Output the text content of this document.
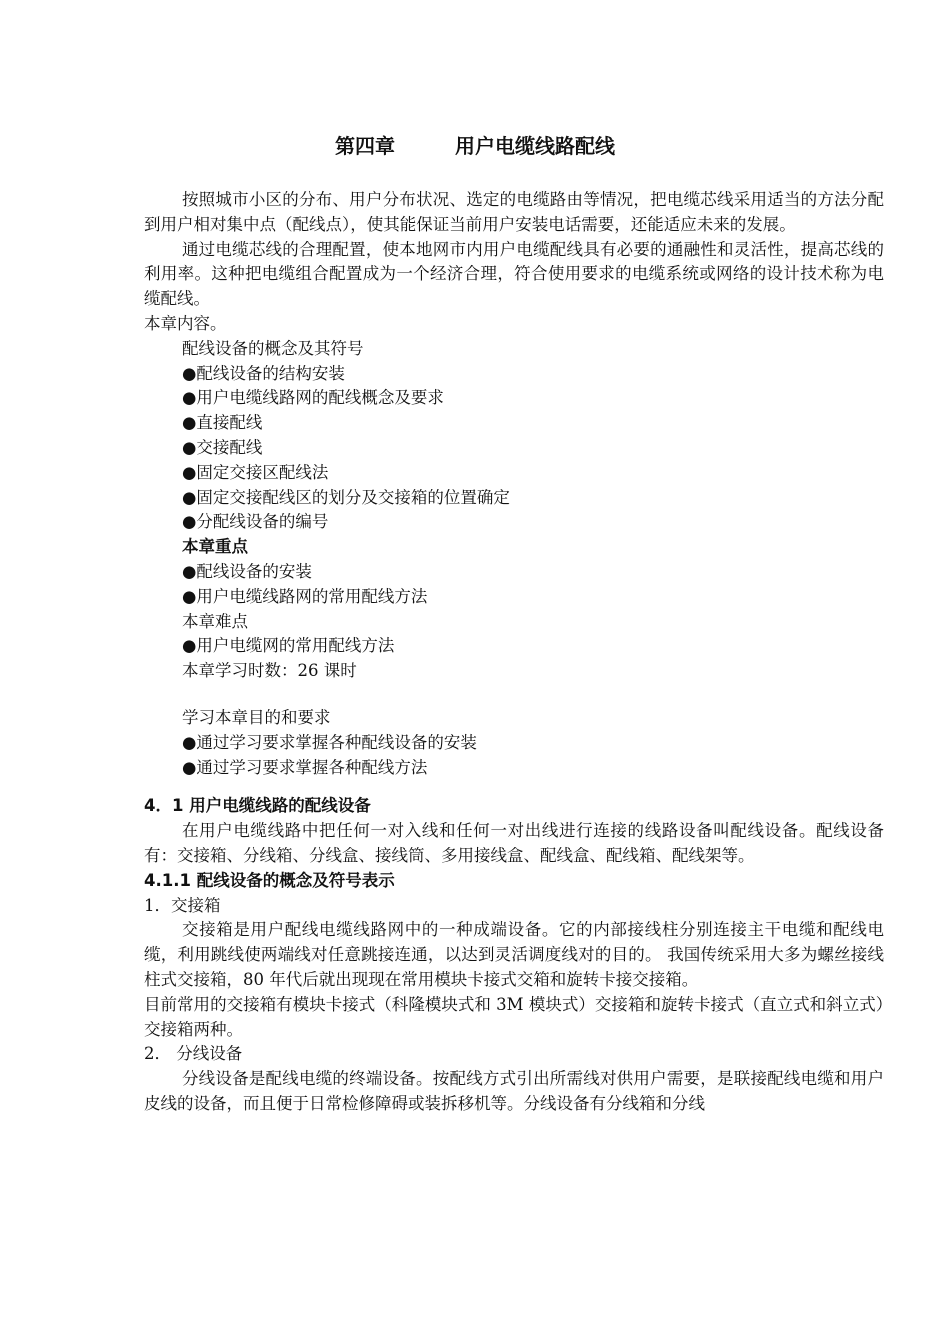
第四章	用户电缆线路配线

按照城市小区的分布、用户分布状况、选定的电缆路由等情况，把电缆芯线采用适当的方法分配到用户相对集中点（配线点），使其能保证当前用户安装电话需要，还能适应未来的发展。

通过电缆芯线的合理配置，使本地网市内用户电缆配线具有必要的通融性和灵活性，提高芯线的利用率。这种把电缆组合配置成为一个经济合理，符合使用要求的电缆系统或网络的设计技术称为电缆配线。

本章内容。

配线设备的概念及其符号

●配线设备的结构安装

●用户电缆线路网的配线概念及要求

●直接配线

●交接配线

●固定交接区配线法

●固定交接配线区的划分及交接箱的位置确定

●分配线设备的编号

本章重点

●配线设备的安装

●用户电缆线路网的常用配线方法

本章难点

●用户电缆网的常用配线方法

本章学习时数：26 课时

学习本章目的和要求

●通过学习要求掌握各种配线设备的安装

●通过学习要求掌握各种配线方法

4．1 用户电缆线路的配线设备

在用户电缆线路中把任何一对入线和任何一对出线进行连接的线路设备叫配线设备。配线设备有：交接箱、分线箱、分线盒、接线筒、多用接线盒、配线盒、配线箱、配线架等。

4.1.1 配线设备的概念及符号表示

1．交接箱

交接箱是用户配线电缆线路网中的一种成端设备。它的内部接线柱分别连接主干电缆和配线电缆，利用跳线使两端线对任意跳接连通，以达到灵活调度线对的目的。 我国传统采用大多为螺丝接线柱式交接箱，80 年代后就出现现在常用模块卡接式交箱和旋转卡接交接箱。

目前常用的交接箱有模块卡接式（科隆模块式和 3M 模块式）交接箱和旋转卡接式（直立式和斜立式）交接箱两种。

2． 分线设备

分线设备是配线电缆的终端设备。按配线方式引出所需线对供用户需要，是联接配线电缆和用户皮线的设备，而且便于日常检修障碍或装拆移机等。分线设备有分线箱和分线
